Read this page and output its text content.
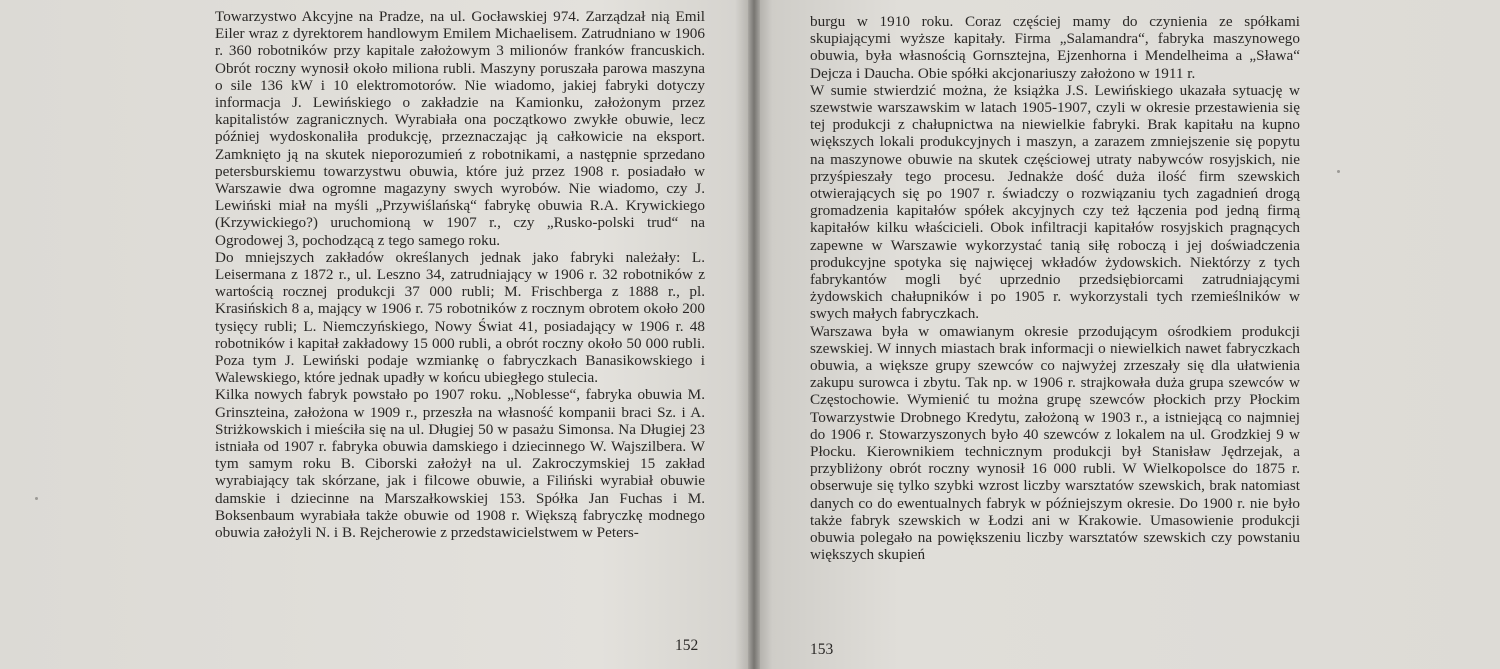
Towarzystwo Akcyjne na Pradze, na ul. Gocławskiej 974. Zarządzał nią Emil Eiler wraz z dyrektorem handlowym Emilem Michaelisem. Zatrudniano w 1906 r. 360 robotników przy kapitale założowym 3 milionów franków francuskich. Obrót roczny wynosił około miliona rubli. Maszyny poruszała parowa maszyna o sile 136 kW i 10 elektromotorów. Nie wiadomo, jakiej fabryki dotyczy informacja J. Lewińskiego o zakładzie na Kamionku, założonym przez kapitalistów zagranicznych. Wyrabiała ona początkowo zwykłe obuwie, lecz później wydoskonaliła produkcję, przeznaczając ją całkowicie na eksport. Zamknięto ją na skutek nieporozumień z robotnikami, a następnie sprzedano petersburskiemu towarzystwu obuwia, które już przez 1908 r. posiadało w Warszawie dwa ogromne magazyny swych wyrobów. Nie wiadomo, czy J. Lewiński miał na myśli „Przywiślańską“ fabrykę obuwia R.A. Krywickiego (Krzywickiego?) uruchomioną w 1907 r., czy „Rusko-polski trud“ na Ogrodowej 3, pochodzącą z tego samego roku.

Do mniejszych zakładów określanych jednak jako fabryki należały: L. Leisermana z 1872 r., ul. Leszno 34, zatrudniający w 1906 r. 32 robotników z wartością rocznej produkcji 37 000 rubli; M. Frischberga z 1888 r., pl. Krasińskich 8 a, mający w 1906 r. 75 robotników z rocznym obrotem około 200 tysięcy rubli; L. Niemczyńskiego, Nowy Świat 41, posiadający w 1906 r. 48 robotników i kapitał zakładowy 15 000 rubli, a obrót roczny około 50 000 rubli. Poza tym J. Lewiński podaje wzmiankę o fabryczkach Banasikowskiego i Walewskiego, które jednak upadły w końcu ubiegłego stulecia.

Kilka nowych fabryk powstało po 1907 roku. „Noblesse“, fabryka obuwia M. Grinszteina, założona w 1909 r., przeszła na własność kompanii braci Sz. i A. Striżkowskich i mieściła się na ul. Długiej 50 w pasażu Simonsa. Na Długiej 23 istniała od 1907 r. fabryka obuwia damskiego i dziecinnego W. Wajszilbera. W tym samym roku B. Ciborski założył na ul. Zakroczymskiej 15 zakład wyrabiający tak skórzane, jak i filcowe obuwie, a Filiński wyrabiał obuwie damskie i dziecinne na Marszałkowskiej 153. Spółka Jan Fuchas i M. Boksenbaum wyrabiała także obuwie od 1908 r. Większą fabryczkę modnego obuwia założyli N. i B. Rejcherowie z przedstawicielstwem w Peters-

152

burgu w 1910 roku. Coraz częściej mamy do czynienia ze spółkami skupiającymi wyższe kapitały. Firma „Salamandra“, fabryka maszynowego obuwia, była własnością Gornsztejna, Ejzenhorna i Mendelheima a „Sława“ Dejcza i Daucha. Obie spółki akcjonariuszy założono w 1911 r.

W sumie stwierdzić można, że książka J.S. Lewińskiego ukazała sytuację w szewstwie warszawskim w latach 1905-1907, czyli w okresie przestawienia się tej produkcji z chałupnictwa na niewielkie fabryki. Brak kapitału na kupno większych lokali produkcyjnych i maszyn, a zarazem zmniejszenie się popytu na maszynowe obuwie na skutek częściowej utraty nabywców rosyjskich, nie przyśpieszały tego procesu. Jednakże dość duża ilość firm szewskich otwierających się po 1907 r. świadczy o rozwiązaniu tych zagadnień drogą gromadzenia kapitałów spółek akcyjnych czy też łączenia pod jedną firmą kapitałów kilku właścicieli. Obok infiltracji kapitałów rosyjskich pragnących zapewne w Warszawie wykorzystać tanią siłę roboczą i jej doświadczenia produkcyjne spotyka się najwięcej wkładów żydowskich. Niektórzy z tych fabrykantów mogli być uprzednio przedsiębiorcami zatrudniającymi żydowskich chałupników i po 1905 r. wykorzystali tych rzemieślników w swych małych fabryczkach.

Warszawa była w omawianym okresie przodującym ośrodkiem produkcji szewskiej. W innych miastach brak informacji o niewielkich nawet fabryczkach obuwia, a większe grupy szewców co najwyżej zrzeszały się dla ułatwienia zakupu surowca i zbytu. Tak np. w 1906 r. strajkowała duża grupa szewców w Częstochowie. Wymienić tu można grupę szewców płockich przy Płockim Towarzystwie Drobnego Kredytu, założoną w 1903 r., a istniejącą co najmniej do 1906 r. Stowarzyszonych było 40 szewców z lokalem na ul. Grodzkiej 9 w Płocku. Kierownikiem technicznym produkcji był Stanisław Jędrzejak, a przybliżony obrót roczny wynosił 16 000 rubli. W Wielkopolsce do 1875 r. obserwuje się tylko szybki wzrost liczby warsztatów szewskich, brak natomiast danych co do ewentualnych fabryk w późniejszym okresie. Do 1900 r. nie było także fabryk szewskich w Łodzi ani w Krakowie. Umasowienie produkcji obuwia polegało na powiększeniu liczby warsztatów szewskich czy powstaniu większych skupień

153
